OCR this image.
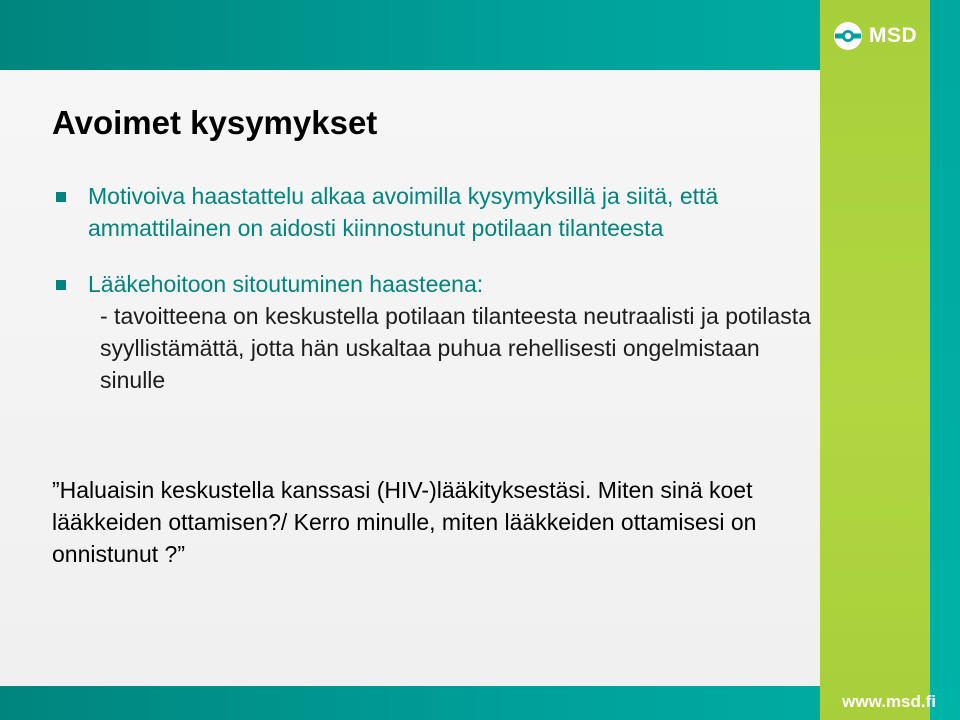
MSD
Avoimet kysymykset
Motivoiva haastattelu alkaa avoimilla kysymyksillä ja siitä, että ammattilainen on aidosti kiinnostunut potilaan tilanteesta
Lääkehoitoon sitoutuminen haasteena:
- tavoitteena on keskustella potilaan tilanteesta neutraalisti ja potilasta syyllistämättä, jotta hän uskaltaa puhua rehellisesti ongelmistaan sinulle

”Haluaisin keskustella kanssasi (HIV-)lääkityksestäsi. Miten sinä koet lääkkeiden ottamisen?/ Kerro minulle, miten lääkkeiden ottamisesi on onnistunut ?”

www.msd.fi
